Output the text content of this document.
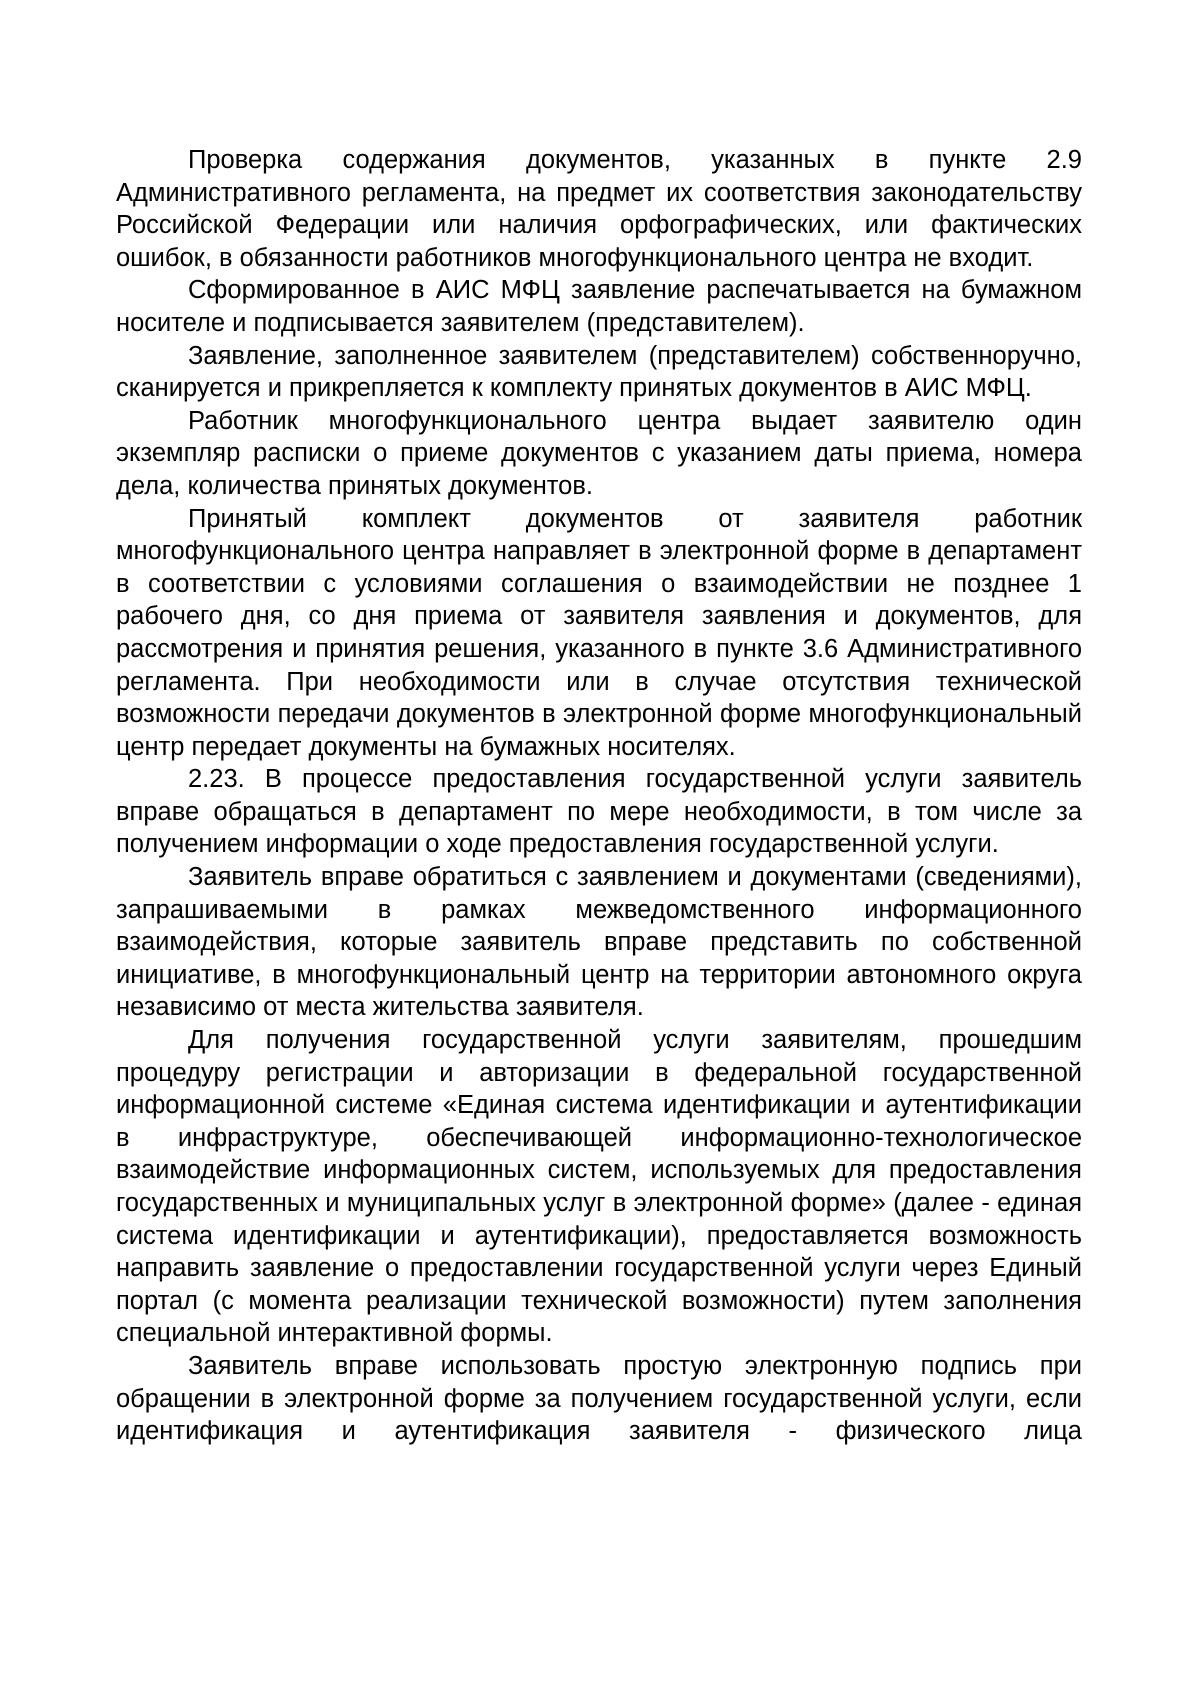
Проверка содержания документов, указанных в пункте 2.9 Административного регламента, на предмет их соответствия законодательству Российской Федерации или наличия орфографических, или фактических ошибок, в обязанности работников многофункционального центра не входит.

Сформированное в АИС МФЦ заявление распечатывается на бумажном носителе и подписывается заявителем (представителем).

Заявление, заполненное заявителем (представителем) собственноручно, сканируется и прикрепляется к комплекту принятых документов в АИС МФЦ.

Работник многофункционального центра выдает заявителю один экземпляр расписки о приеме документов с указанием даты приема, номера дела, количества принятых документов.

Принятый комплект документов от заявителя работник многофункционального центра направляет в электронной форме в департамент в соответствии с условиями соглашения о взаимодействии не позднее 1 рабочего дня, со дня приема от заявителя заявления и документов, для рассмотрения и принятия решения, указанного в пункте 3.6 Административного регламента. При необходимости или в случае отсутствия технической возможности передачи документов в электронной форме многофункциональный центр передает документы на бумажных носителях.

2.23. В процессе предоставления государственной услуги заявитель вправе обращаться в департамент по мере необходимости, в том числе за получением информации о ходе предоставления государственной услуги.

Заявитель вправе обратиться с заявлением и документами (сведениями), запрашиваемыми в рамках межведомственного информационного взаимодействия, которые заявитель вправе представить по собственной инициативе, в многофункциональный центр на территории автономного округа независимо от места жительства заявителя.

Для получения государственной услуги заявителям, прошедшим процедуру регистрации и авторизации в федеральной государственной информационной системе «Единая система идентификации и аутентификации в инфраструктуре, обеспечивающей информационно-технологическое взаимодействие информационных систем, используемых для предоставления государственных и муниципальных услуг в электронной форме» (далее - единая система идентификации и аутентификации), предоставляется возможность направить заявление о предоставлении государственной услуги через Единый портал (с момента реализации технической возможности) путем заполнения специальной интерактивной формы.

Заявитель вправе использовать простую электронную подпись при обращении в электронной форме за получением государственной услуги, если идентификация и аутентификация заявителя - физического лица
